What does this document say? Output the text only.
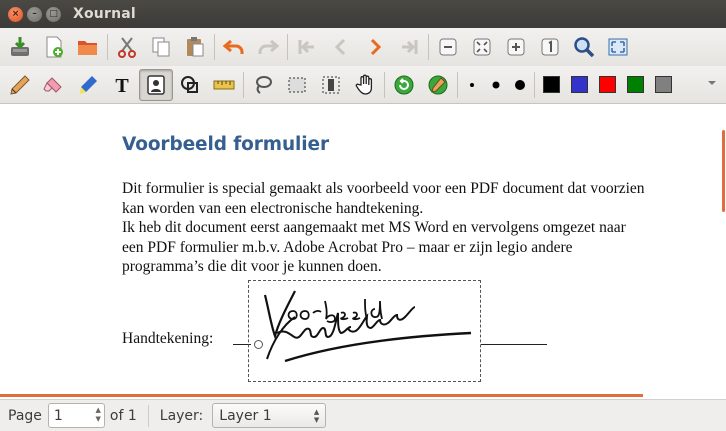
× – □ Xournal
T
Voorbeeld formulier
Dit formulier is special gemaakt als voorbeeld voor een PDF document dat voorzien
kan worden van een electronische handtekening.
Ik heb dit document eerst aangemaakt met MS Word en vervolgens omgezet naar
een PDF formulier m.b.v. Adobe Acrobat Pro – maar er zijn legio andere
programma’s die dit voor je kunnen doen.
Handtekening:
Page 1	▲
▼ of 1 Layer:	Layer 1	▲
▼
